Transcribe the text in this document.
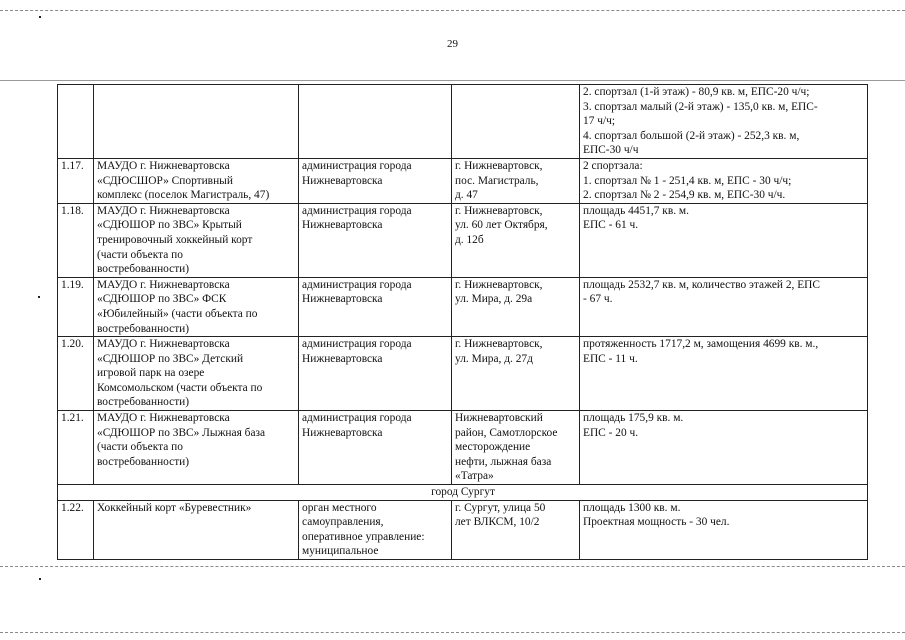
29

				2. спортзал (1-й этаж) - 80,9 кв. м, ЕПС-20 ч/ч;
3. спортзал малый (2-й этаж) - 135,0 кв. м, ЕПС-
17 ч/ч;
4. спортзал большой (2-й этаж) - 252,3 кв. м,
ЕПС-30 ч/ч

1.17.	МАУДО г. Нижневартовска
«СДЮСШОР» Спортивный
комплекс (поселок Магистраль, 47)	администрация города
Нижневартовска	г. Нижневартовск,
пос. Магистраль,
д. 47	2 спортзала:
1. спортзал № 1 - 251,4 кв. м, ЕПС - 30 ч/ч;
2. спортзал № 2 - 254,9 кв. м, ЕПС-30 ч/ч.

1.18.	МАУДО г. Нижневартовска
«СДЮШОР по ЗВС» Крытый
тренировочный хоккейный корт
(части объекта по
востребованности)	администрация города
Нижневартовска	г. Нижневартовск,
ул. 60 лет Октября,
д. 12б	площадь 4451,7 кв. м.
ЕПС - 61 ч.

1.19.	МАУДО г. Нижневартовска
«СДЮШОР по ЗВС» ФСК
«Юбилейный» (части объекта по
востребованности)	администрация города
Нижневартовска	г. Нижневартовск,
ул. Мира, д. 29а	площадь 2532,7 кв. м, количество этажей 2, ЕПС
- 67 ч.

1.20.	МАУДО г. Нижневартовска
«СДЮШОР по ЗВС» Детский
игровой парк на озере
Комсомольском (части объекта по
востребованности)	администрация города
Нижневартовска	г. Нижневартовск,
ул. Мира, д. 27д	протяженность 1717,2 м, замощения 4699 кв. м.,
ЕПС - 11 ч.

1.21.	МАУДО г. Нижневартовска
«СДЮШОР по ЗВС» Лыжная база
(части объекта по
востребованности)	администрация города
Нижневартовска	Нижневартовский
район, Самотлорское
месторождение
нефти, лыжная база
«Татра»	площадь 175,9 кв. м.
ЕПС - 20 ч.

город Сургут				
1.22.	Хоккейный корт «Буревестник»	орган местного
самоуправления,
оперативное управление:
муниципальное	г. Сургут, улица 50
лет ВЛКСМ, 10/2	площадь 1300 кв. м.
Проектная мощность - 30 чел.
